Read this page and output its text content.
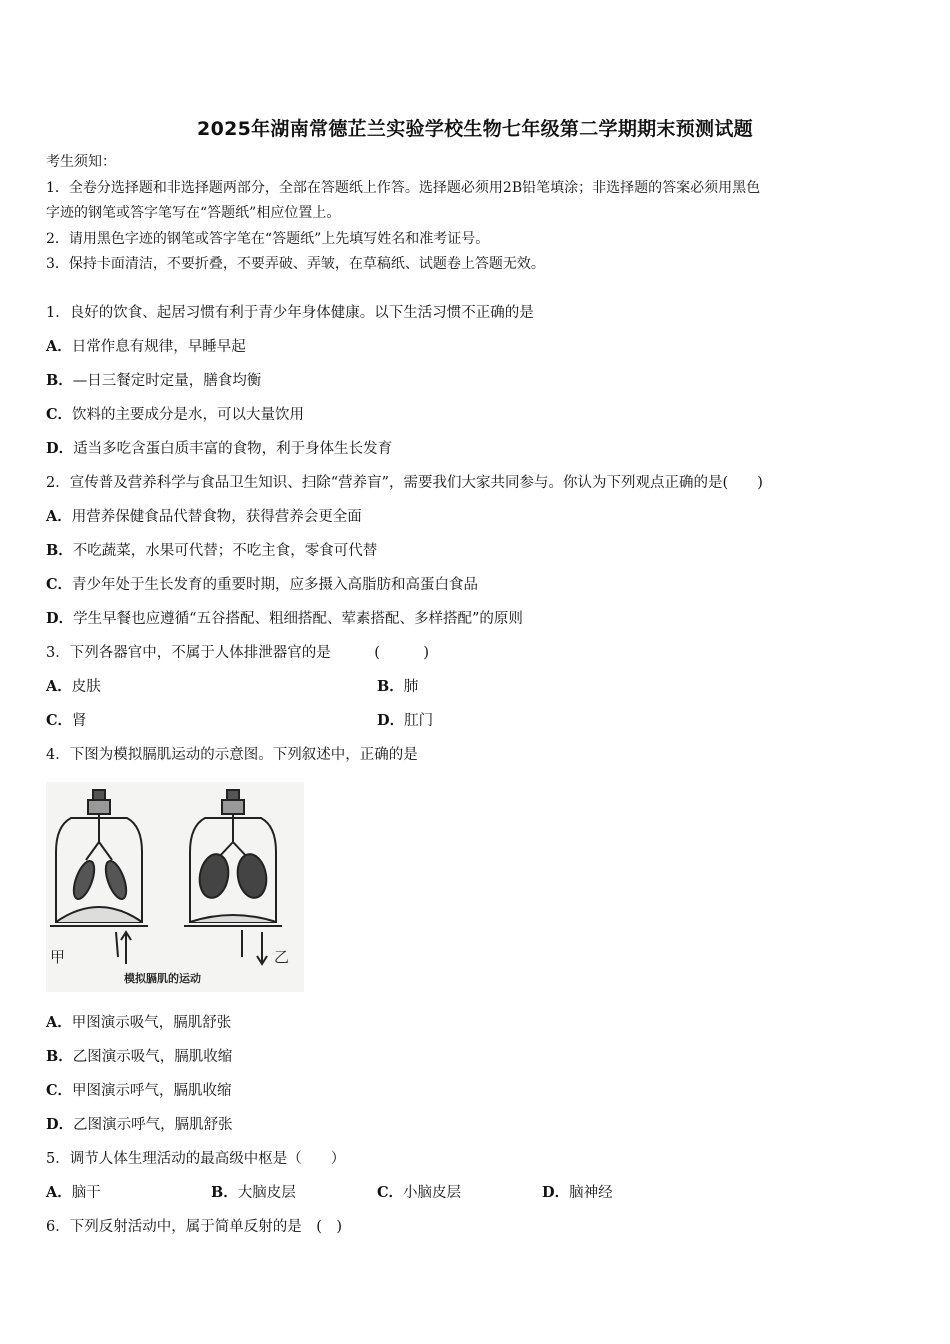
2025年湖南常德芷兰实验学校生物七年级第二学期期末预测试题

考生须知：

1．全卷分选择题和非选择题两部分，全部在答题纸上作答。选择题必须用2B铅笔填涂；非选择题的答案必须用黑色

字迹的钢笔或答字笔写在“答题纸”相应位置上。

2．请用黑色字迹的钢笔或答字笔在“答题纸”上先填写姓名和准考证号。

3．保持卡面清洁，不要折叠，不要弄破、弄皱，在草稿纸、试题卷上答题无效。

1．良好的饮食、起居习惯有利于青少年身体健康。以下生活习惯不正确的是
A．日常作息有规律，早睡早起
B．—日三餐定时定量，膳食均衡
C．饮料的主要成分是水，可以大量饮用
D．适当多吃含蛋白质丰富的食物，利于身体生长发育
2．宣传普及营养科学与食品卫生知识、扫除“营养盲”，需要我们大家共同参与。你认为下列观点正确的是(　　)
A．用营养保健食品代替食物，获得营养会更全面
B．不吃蔬菜，水果可代替；不吃主食，零食可代替
C．青少年处于生长发育的重要时期，应多摄入高脂肪和高蛋白食品
D．学生早餐也应遵循“五谷搭配、粗细搭配、荤素搭配、多样搭配”的原则
3．下列各器官中，不属于人体排泄器官的是　　　(　　　)
A．皮肤	B．肺
C．肾	D．肛门
4．下图为模拟膈肌运动的示意图。下列叙述中，正确的是
甲	乙
模拟膈肌的运动
A．甲图演示吸气，膈肌舒张
B．乙图演示吸气，膈肌收缩
C．甲图演示呼气，膈肌收缩
D．乙图演示呼气，膈肌舒张
5．调节人体生理活动的最高级中枢是（　　）
A．脑干	B．大脑皮层	C．小脑皮层	D．脑神经
6．下列反射活动中，属于简单反射的是　(　)
